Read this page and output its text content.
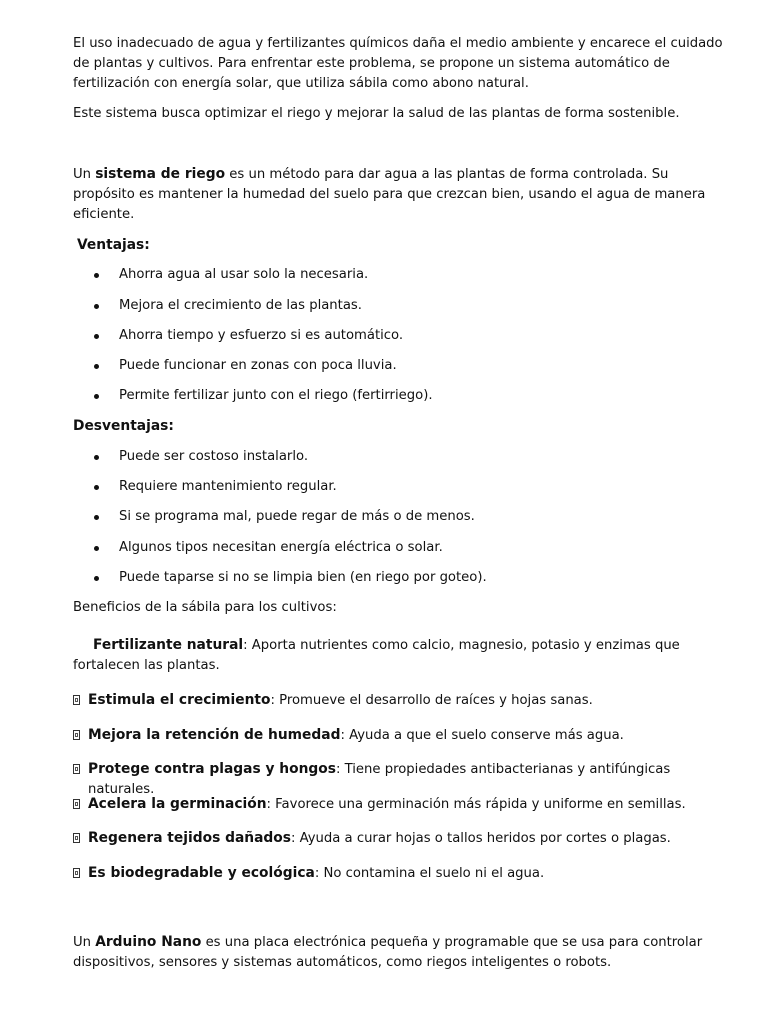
El uso inadecuado de agua y fertilizantes químicos daña el medio ambiente y encarece el cuidado de plantas y cultivos. Para enfrentar este problema, se propone un sistema automático de fertilización con energía solar, que utiliza sábila como abono natural.

Este sistema busca optimizar el riego y mejorar la salud de las plantas de forma sostenible.

Un sistema de riego es un método para dar agua a las plantas de forma controlada. Su propósito es mantener la humedad del suelo para que crezcan bien, usando el agua de manera eficiente.

Ventajas:

Ahorra agua al usar solo la necesaria.
Mejora el crecimiento de las plantas.
Ahorra tiempo y esfuerzo si es automático.
Puede funcionar en zonas con poca lluvia.
Permite fertilizar junto con el riego (fertirriego).

Desventajas:

Puede ser costoso instalarlo.
Requiere mantenimiento regular.
Si se programa mal, puede regar de más o de menos.
Algunos tipos necesitan energía eléctrica o solar.
Puede taparse si no se limpia bien (en riego por goteo).

Beneficios de la sábila para los cultivos:

Fertilizante natural: Aporta nutrientes como calcio, magnesio, potasio y enzimas que fortalecen las plantas.

Estimula el crecimiento: Promueve el desarrollo de raíces y hojas sanas.
Mejora la retención de humedad: Ayuda a que el suelo conserve más agua.
Protege contra plagas y hongos: Tiene propiedades antibacterianas y antifúngicas naturales.
Acelera la germinación: Favorece una germinación más rápida y uniforme en semillas.
Regenera tejidos dañados: Ayuda a curar hojas o tallos heridos por cortes o plagas.
Es biodegradable y ecológica: No contamina el suelo ni el agua.

Un Arduino Nano es una placa electrónica pequeña y programable que se usa para controlar dispositivos, sensores y sistemas automáticos, como riegos inteligentes o robots.
